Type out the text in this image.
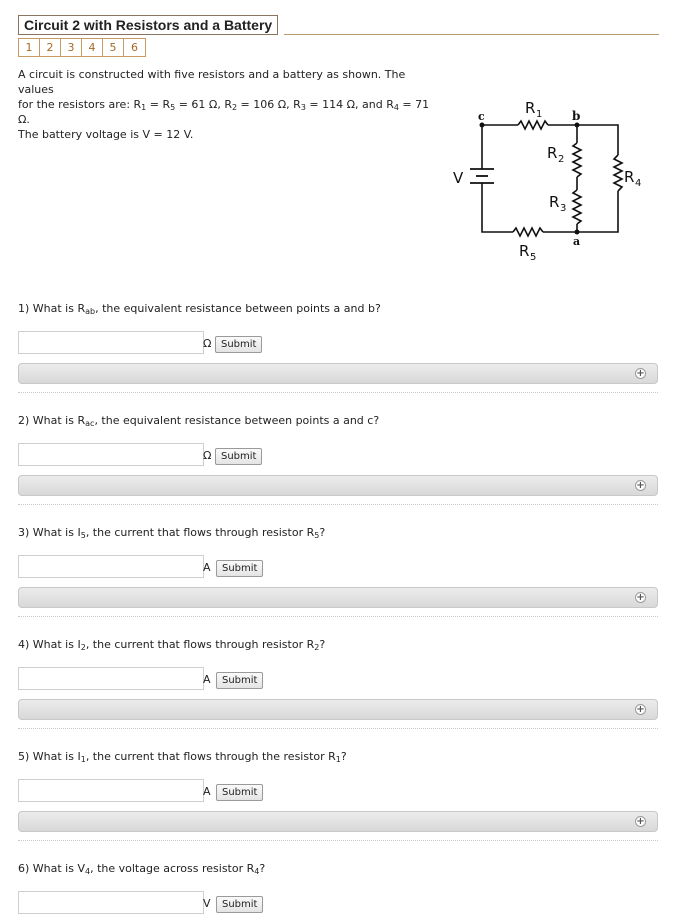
Circuit 2 with Resistors and a Battery
1	2	3	4	5	6
A circuit is constructed with five resistors and a battery as shown. The values
for the resistors are: $R_1 = R_5 = 61$ Ω, $R_2 = 106$ Ω, $R_3 = 114$ Ω, and $R_4 = 71$ Ω.
The battery voltage is V = 12 V.
c	b
a
V
R 1
R 2
R 3
R 4
R 5
1) What is $R_{ab}$, the equivalent resistance between points a and b?
Ω Submit
+
2) What is $R_{ac}$, the equivalent resistance between points a and c?
Ω Submit
+
3) What is $I_5$, the current that flows through resistor $R_5$?
A	Submit
+
4) What is $I_2$, the current that flows through resistor $R_2$?
A	Submit
+
5) What is $I_1$, the current that flows through the resistor $R_1$?
A	Submit
+
6) What is $V_4$, the voltage across resistor $R_4$?
V	Submit
